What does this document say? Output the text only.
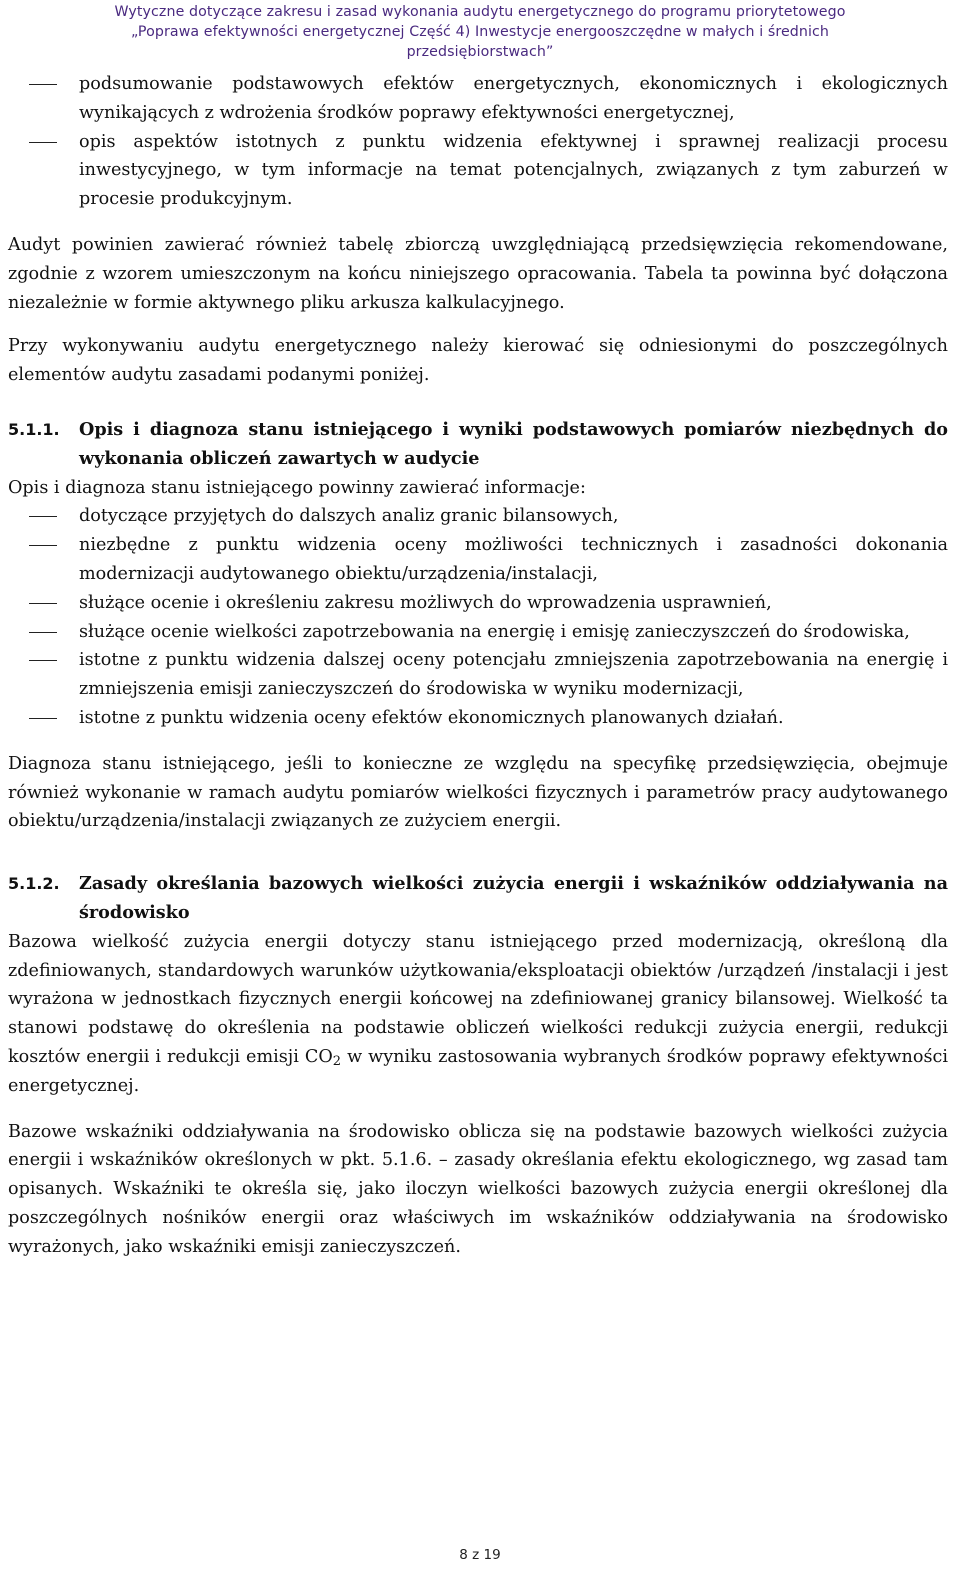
Wytyczne dotyczące zakresu i zasad wykonania audytu energetycznego do programu priorytetowego
„Poprawa efektywności energetycznej Część 4) Inwestycje energooszczędne w małych i średnich
przedsiębiorstwach”
podsumowanie podstawowych efektów energetycznych, ekonomicznych i ekologicznych wynikających z wdrożenia środków poprawy efektywności energetycznej,
opis aspektów istotnych z punktu widzenia efektywnej i sprawnej realizacji procesu inwestycyjnego, w tym informacje na temat potencjalnych, związanych z tym zaburzeń w procesie produkcyjnym.

Audyt powinien zawierać również tabelę zbiorczą uwzględniającą przedsięwzięcia rekomendowane, zgodnie z wzorem umieszczonym na końcu niniejszego opracowania. Tabela ta powinna być dołączona niezależnie w formie aktywnego pliku arkusza kalkulacyjnego.

Przy wykonywaniu audytu energetycznego należy kierować się odniesionymi do poszczególnych elementów audytu zasadami podanymi poniżej.

5.1.1. Opis i diagnoza stanu istniejącego i wyniki podstawowych pomiarów niezbędnych do wykonania obliczeń zawartych w audycie

Opis i diagnoza stanu istniejącego powinny zawierać informacje:

dotyczące przyjętych do dalszych analiz granic bilansowych,
niezbędne z punktu widzenia oceny możliwości technicznych i zasadności dokonania modernizacji audytowanego obiektu/urządzenia/instalacji,
służące ocenie i określeniu zakresu możliwych do wprowadzenia usprawnień,
służące ocenie wielkości zapotrzebowania na energię i emisję zanieczyszczeń do środowiska,
istotne z punktu widzenia dalszej oceny potencjału zmniejszenia zapotrzebowania na energię i zmniejszenia emisji zanieczyszczeń do środowiska w wyniku modernizacji,
istotne z punktu widzenia oceny efektów ekonomicznych planowanych działań.

Diagnoza stanu istniejącego, jeśli to konieczne ze względu na specyfikę przedsięwzięcia, obejmuje również wykonanie w ramach audytu pomiarów wielkości fizycznych i parametrów pracy audytowanego obiektu/urządzenia/instalacji związanych ze zużyciem energii.

5.1.2. Zasady określania bazowych wielkości zużycia energii i wskaźników oddziaływania na środowisko

Bazowa wielkość zużycia energii dotyczy stanu istniejącego przed modernizacją, określoną dla zdefiniowanych, standardowych warunków użytkowania/eksploatacji obiektów /urządzeń /instalacji i jest wyrażona w jednostkach fizycznych energii końcowej na zdefiniowanej granicy bilansowej. Wielkość ta stanowi podstawę do określenia na podstawie obliczeń wielkości redukcji zużycia energii, redukcji kosztów energii i redukcji emisji $CO_2$ w wyniku zastosowania wybranych środków poprawy efektywności energetycznej.

Bazowe wskaźniki oddziaływania na środowisko oblicza się na podstawie bazowych wielkości zużycia energii i wskaźników określonych w pkt. 5.1.6. – zasady określania efektu ekologicznego, wg zasad tam opisanych. Wskaźniki te określa się, jako iloczyn wielkości bazowych zużycia energii określonej dla poszczególnych nośników energii oraz właściwych im wskaźników oddziaływania na środowisko wyrażonych, jako wskaźniki emisji zanieczyszczeń.

8 z 19
